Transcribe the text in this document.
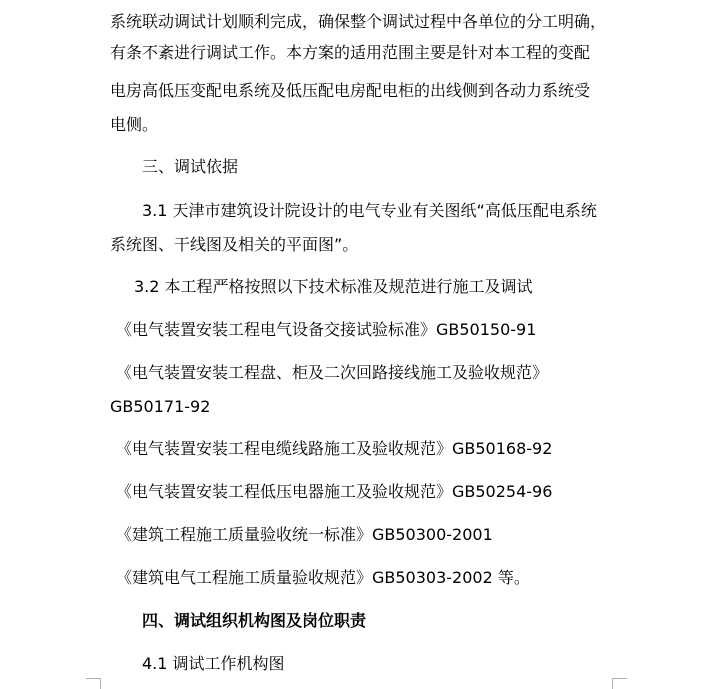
系统联动调试计划顺利完成，确保整个调试过程中各单位的分工明确，
有条不紊进行调试工作。本方案的适用范围主要是针对本工程的变配
电房高低压变配电系统及低压配电房配电柜的出线侧到各动力系统受
电侧。
三、调试依据
3.1 天津市建筑设计院设计的电气专业有关图纸“高低压配电系统
系统图、干线图及相关的平面图”。
3.2 本工程严格按照以下技术标准及规范进行施工及调试
《电气装置安装工程电气设备交接试验标准》GB50150-91
《电气装置安装工程盘、柜及二次回路接线施工及验收规范》
GB50171-92
《电气装置安装工程电缆线路施工及验收规范》GB50168-92
《电气装置安装工程低压电器施工及验收规范》GB50254-96
《建筑工程施工质量验收统一标准》GB50300-2001
《建筑电气工程施工质量验收规范》GB50303-2002 等。
四、调试组织机构图及岗位职责
4.1 调试工作机构图
